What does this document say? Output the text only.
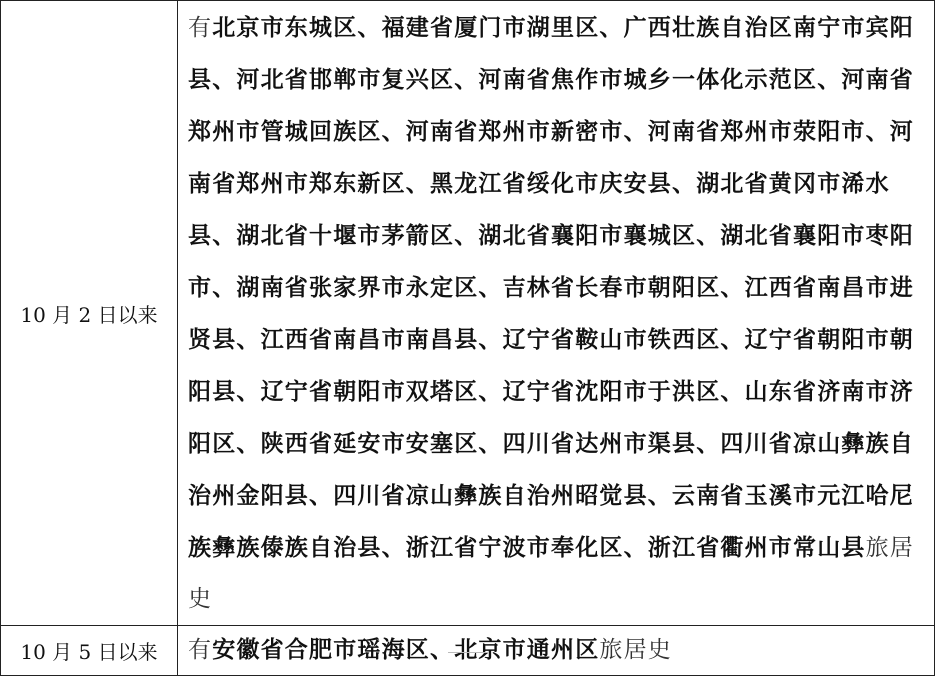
10 月 2 日以来	有北京市东城区、福建省厦门市湖里区、广西壮族自治区南宁市宾阳县、河北省邯郸市复兴区、河南省焦作市城乡一体化示范区、河南省郑州市管城回族区、河南省郑州市新密市、河南省郑州市荥阳市、河南省郑州市郑东新区、黑龙江省绥化市庆安县、湖北省黄冈市浠水县、湖北省十堰市茅箭区、湖北省襄阳市襄城区、湖北省襄阳市枣阳市、湖南省张家界市永定区、吉林省长春市朝阳区、江西省南昌市进贤县、江西省南昌市南昌县、辽宁省鞍山市铁西区、辽宁省朝阳市朝阳县、辽宁省朝阳市双塔区、辽宁省沈阳市于洪区、山东省济南市济阳区、陕西省延安市安塞区、四川省达州市渠县、四川省凉山彝族自治州金阳县、四川省凉山彝族自治州昭觉县、云南省玉溪市元江哈尼族彝族傣族自治县、浙江省宁波市奉化区、浙江省衢州市常山县旅居史
10 月 5 日以来	有安徽省合肥市瑶海区、北京市通州区旅居史
